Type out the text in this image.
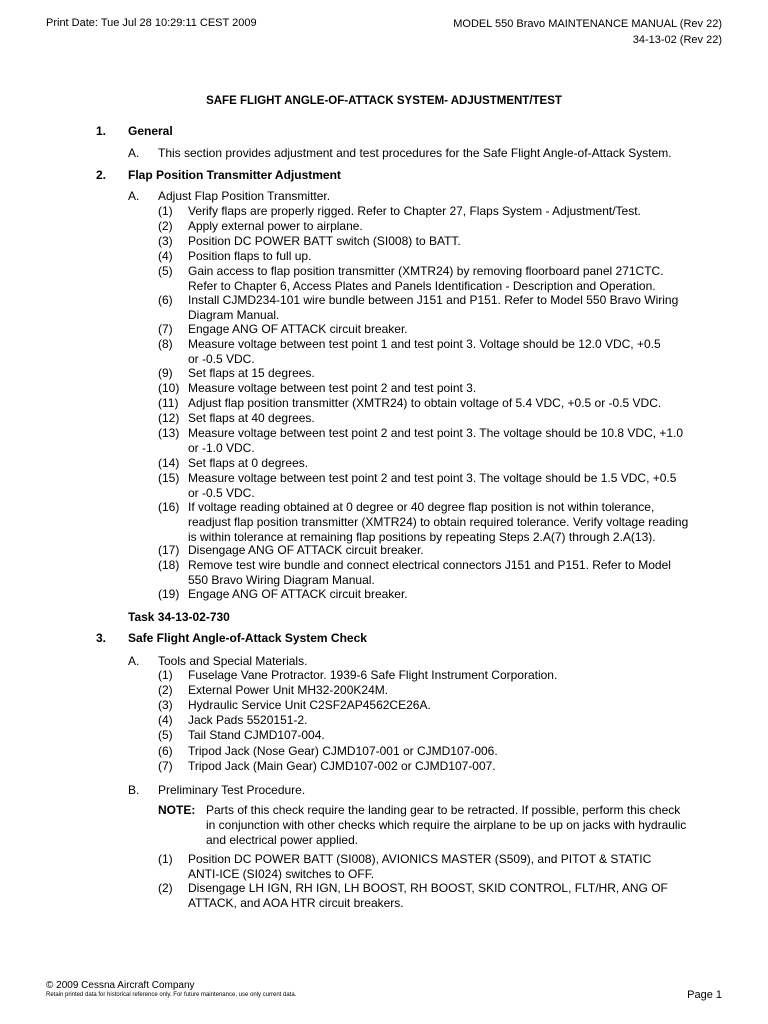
Print Date: Tue Jul 28 10:29:11 CEST 2009	MODEL 550 Bravo MAINTENANCE MANUAL (Rev 22)
34-13-02 (Rev 22)
SAFE FLIGHT ANGLE-OF-ATTACK SYSTEM- ADJUSTMENT/TEST
1. General
A. This section provides adjustment and test procedures for the Safe Flight Angle-of-Attack System.
2. Flap Position Transmitter Adjustment
A. Adjust Flap Position Transmitter.
(1)	Verify flaps are properly rigged. Refer to Chapter 27, Flaps System - Adjustment/Test.
(2)	Apply external power to airplane.
(3)	Position DC POWER BATT switch (SI008) to BATT.
(4)	Position flaps to full up.
(5)	Gain access to flap position transmitter (XMTR24) by removing floorboard panel 271CTC.
Refer to Chapter 6, Access Plates and Panels Identification - Description and Operation.
(6)	Install CJMD234-101 wire bundle between J151 and P151. Refer to Model 550 Bravo Wiring
Diagram Manual.
(7)	Engage ANG OF ATTACK circuit breaker.
(8)	Measure voltage between test point 1 and test point 3. Voltage should be 12.0 VDC, +0.5
or -0.5 VDC.
(9)	Set flaps at 15 degrees.
(10) Measure voltage between test point 2 and test point 3.
(11) Adjust flap position transmitter (XMTR24) to obtain voltage of 5.4 VDC, +0.5 or -0.5 VDC.
(12) Set flaps at 40 degrees.
(13) Measure voltage between test point 2 and test point 3. The voltage should be 10.8 VDC, +1.0
or -1.0 VDC.
(14) Set flaps at 0 degrees.
(15) Measure voltage between test point 2 and test point 3. The voltage should be 1.5 VDC, +0.5
or -0.5 VDC.
(16) If voltage reading obtained at 0 degree or 40 degree flap position is not within tolerance,
readjust flap position transmitter (XMTR24) to obtain required tolerance. Verify voltage reading
is within tolerance at remaining flap positions by repeating Steps 2.A(7) through 2.A(13).
(17) Disengage ANG OF ATTACK circuit breaker.
(18) Remove test wire bundle and connect electrical connectors J151 and P151. Refer to Model
550 Bravo Wiring Diagram Manual.
(19) Engage ANG OF ATTACK circuit breaker.
Task 34-13-02-730
3. Safe Flight Angle-of-Attack System Check
A. Tools and Special Materials.
(1)	Fuselage Vane Protractor. 1939-6 Safe Flight Instrument Corporation.
(2)	External Power Unit MH32-200K24M.
(3)	Hydraulic Service Unit C2SF2AP4562CE26A.
(4)	Jack Pads 5520151-2.
(5)	Tail Stand CJMD107-004.
(6)	Tripod Jack (Nose Gear) CJMD107-001 or CJMD107-006.
(7)	Tripod Jack (Main Gear) CJMD107-002 or CJMD107-007.
B. Preliminary Test Procedure.
NOTE: Parts of this check require the landing gear to be retracted. If possible, perform this check
in conjunction with other checks which require the airplane to be up on jacks with hydraulic
and electrical power applied.
(1)	Position DC POWER BATT (SI008), AVIONICS MASTER (S509), and PITOT & STATIC
ANTI-ICE (SI024) switches to OFF.
(2)	Disengage LH IGN, RH IGN, LH BOOST, RH BOOST, SKID CONTROL, FLT/HR, ANG OF
ATTACK, and AOA HTR circuit breakers.
© 2009 Cessna Aircraft Company
Retain printed data for historical reference only. For future maintenance, use only current data.	Page 1
